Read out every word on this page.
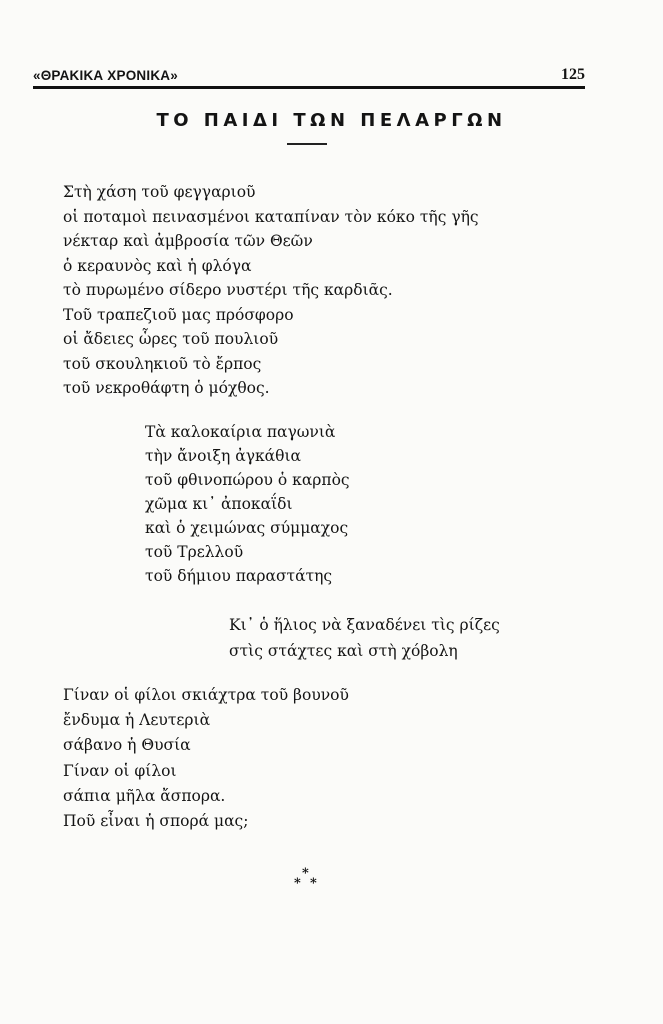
«ΘΡΑΚΙΚΑ ΧΡΟΝΙΚΑ»	125
ΤΟ ΠΑΙΔΙ ΤΩΝ ΠΕΛΑΡΓΩΝ
Στὴ χάση τοῦ φεγγαριοῦ
οἱ ποταμοὶ πεινασμένοι καταπίναν τὸν κόκο τῆς γῆς
νέκταρ καὶ ἀμβροσία τῶν Θεῶν
ὁ κεραυνὸς καὶ ἡ φλόγα
τὸ πυρωμένο σίδερο νυστέρι τῆς καρδιᾶς.
Τοῦ τραπεζιοῦ μας πρόσφορο
οἱ ἄδειες ὧρες τοῦ πουλιοῦ
τοῦ σκουληκιοῦ τὸ ἔρπος
τοῦ νεκροθάφτη ὁ μόχθος.
Τὰ καλοκαίρια παγωνιὰ
τὴν ἄνοιξη ἀγκάθια
τοῦ φθινοπώρου ὁ καρπὸς
χῶμα κι᾽ ἀποκαΐδι
καὶ ὁ χειμώνας σύμμαχος
τοῦ Τρελλοῦ
τοῦ δήμιου παραστάτης
Κι᾽ ὁ ἥλιος νὰ ξαναδένει τὶς ρίζες
στὶς στάχτες καὶ στὴ χόβολη
Γίναν οἱ φίλοι σκιάχτρα τοῦ βουνοῦ
ἔνδυμα ἡ Λευτεριὰ
σάβανο ἡ Θυσία
Γίναν οἱ φίλοι
σάπια μῆλα ἄσπορα.
Ποῦ εἶναι ἡ σπορά μας;
*
* *
